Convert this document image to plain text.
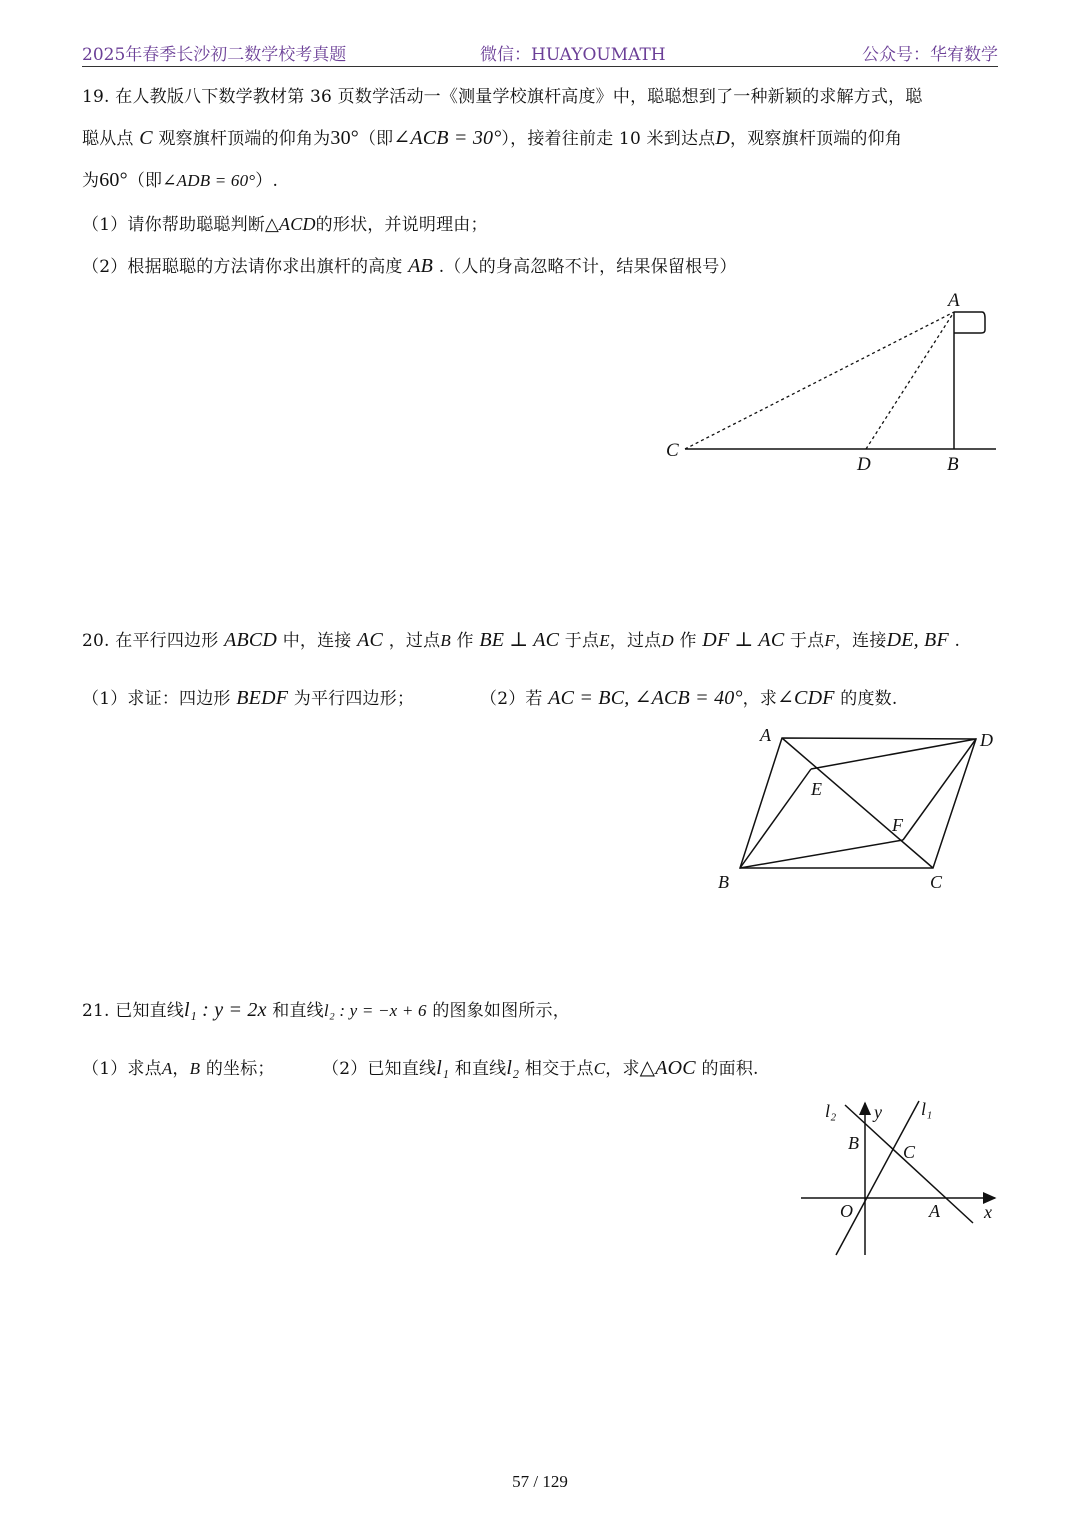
2025年春季长沙初二数学校考真题	微信：HUAYOUMATH	公众号：华宥数学
19. 在人教版八下数学教材第 36 页数学活动一《测量学校旗杆高度》中，聪聪想到了一种新颖的求解方式，聪
聪从点 C 观察旗杆顶端的仰角为30°（即∠ACB = 30°），接着往前走 10 米到达点D，观察旗杆顶端的仰角
为60°（即∠ADB = 60°）.
（1）请你帮助聪聪判断△ACD的形状，并说明理由；
（2）根据聪聪的方法请你求出旗杆的高度 AB .（人的身高忽略不计，结果保留根号）
A
C
D	B
20. 在平行四边形 ABCD 中，连接 AC ，过点B 作 BE ⊥ AC 于点E，过点D 作 DF ⊥ AC 于点F，连接DE, BF .
（1）求证：四边形 BEDF 为平行四边形；	（2）若 AC = BC, ∠ACB = 40°，求∠CDF 的度数.
A	D
E
F
B	C
21. 已知直线l₁ : y = 2x 和直线l₂ : y = −x + 6 的图象如图所示，
（1）求点A，B 的坐标；	（2）已知直线l₁ 和直线l₂ 相交于点C，求△AOC 的面积.
l₂ y l₁
B C
O	A x
57 / 129
